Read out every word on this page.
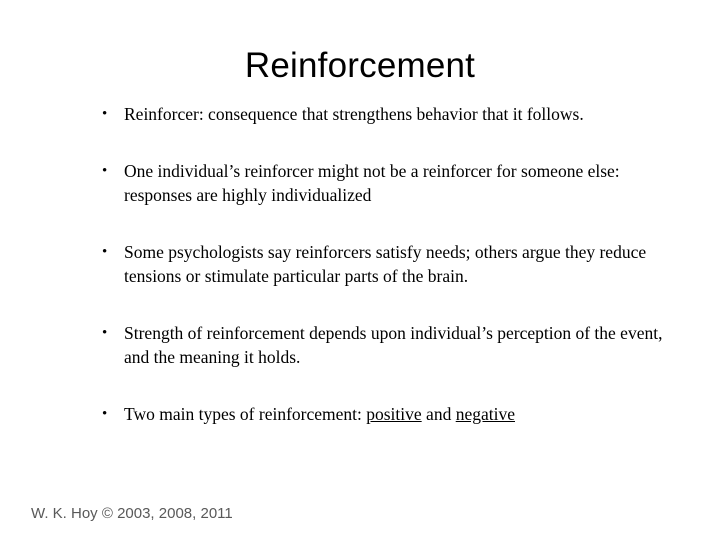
Reinforcement
• Reinforcer: consequence that strengthens behavior that it follows.
• One individual’s reinforcer might not be a reinforcer for someone else: responses are highly individualized
• Some psychologists say reinforcers satisfy needs; others argue they reduce tensions or stimulate particular parts of the brain.
• Strength of reinforcement depends upon individual’s perception of the event, and the meaning it holds.
• Two main types of reinforcement: positive and negative
W. K. Hoy © 2003, 2008, 2011
